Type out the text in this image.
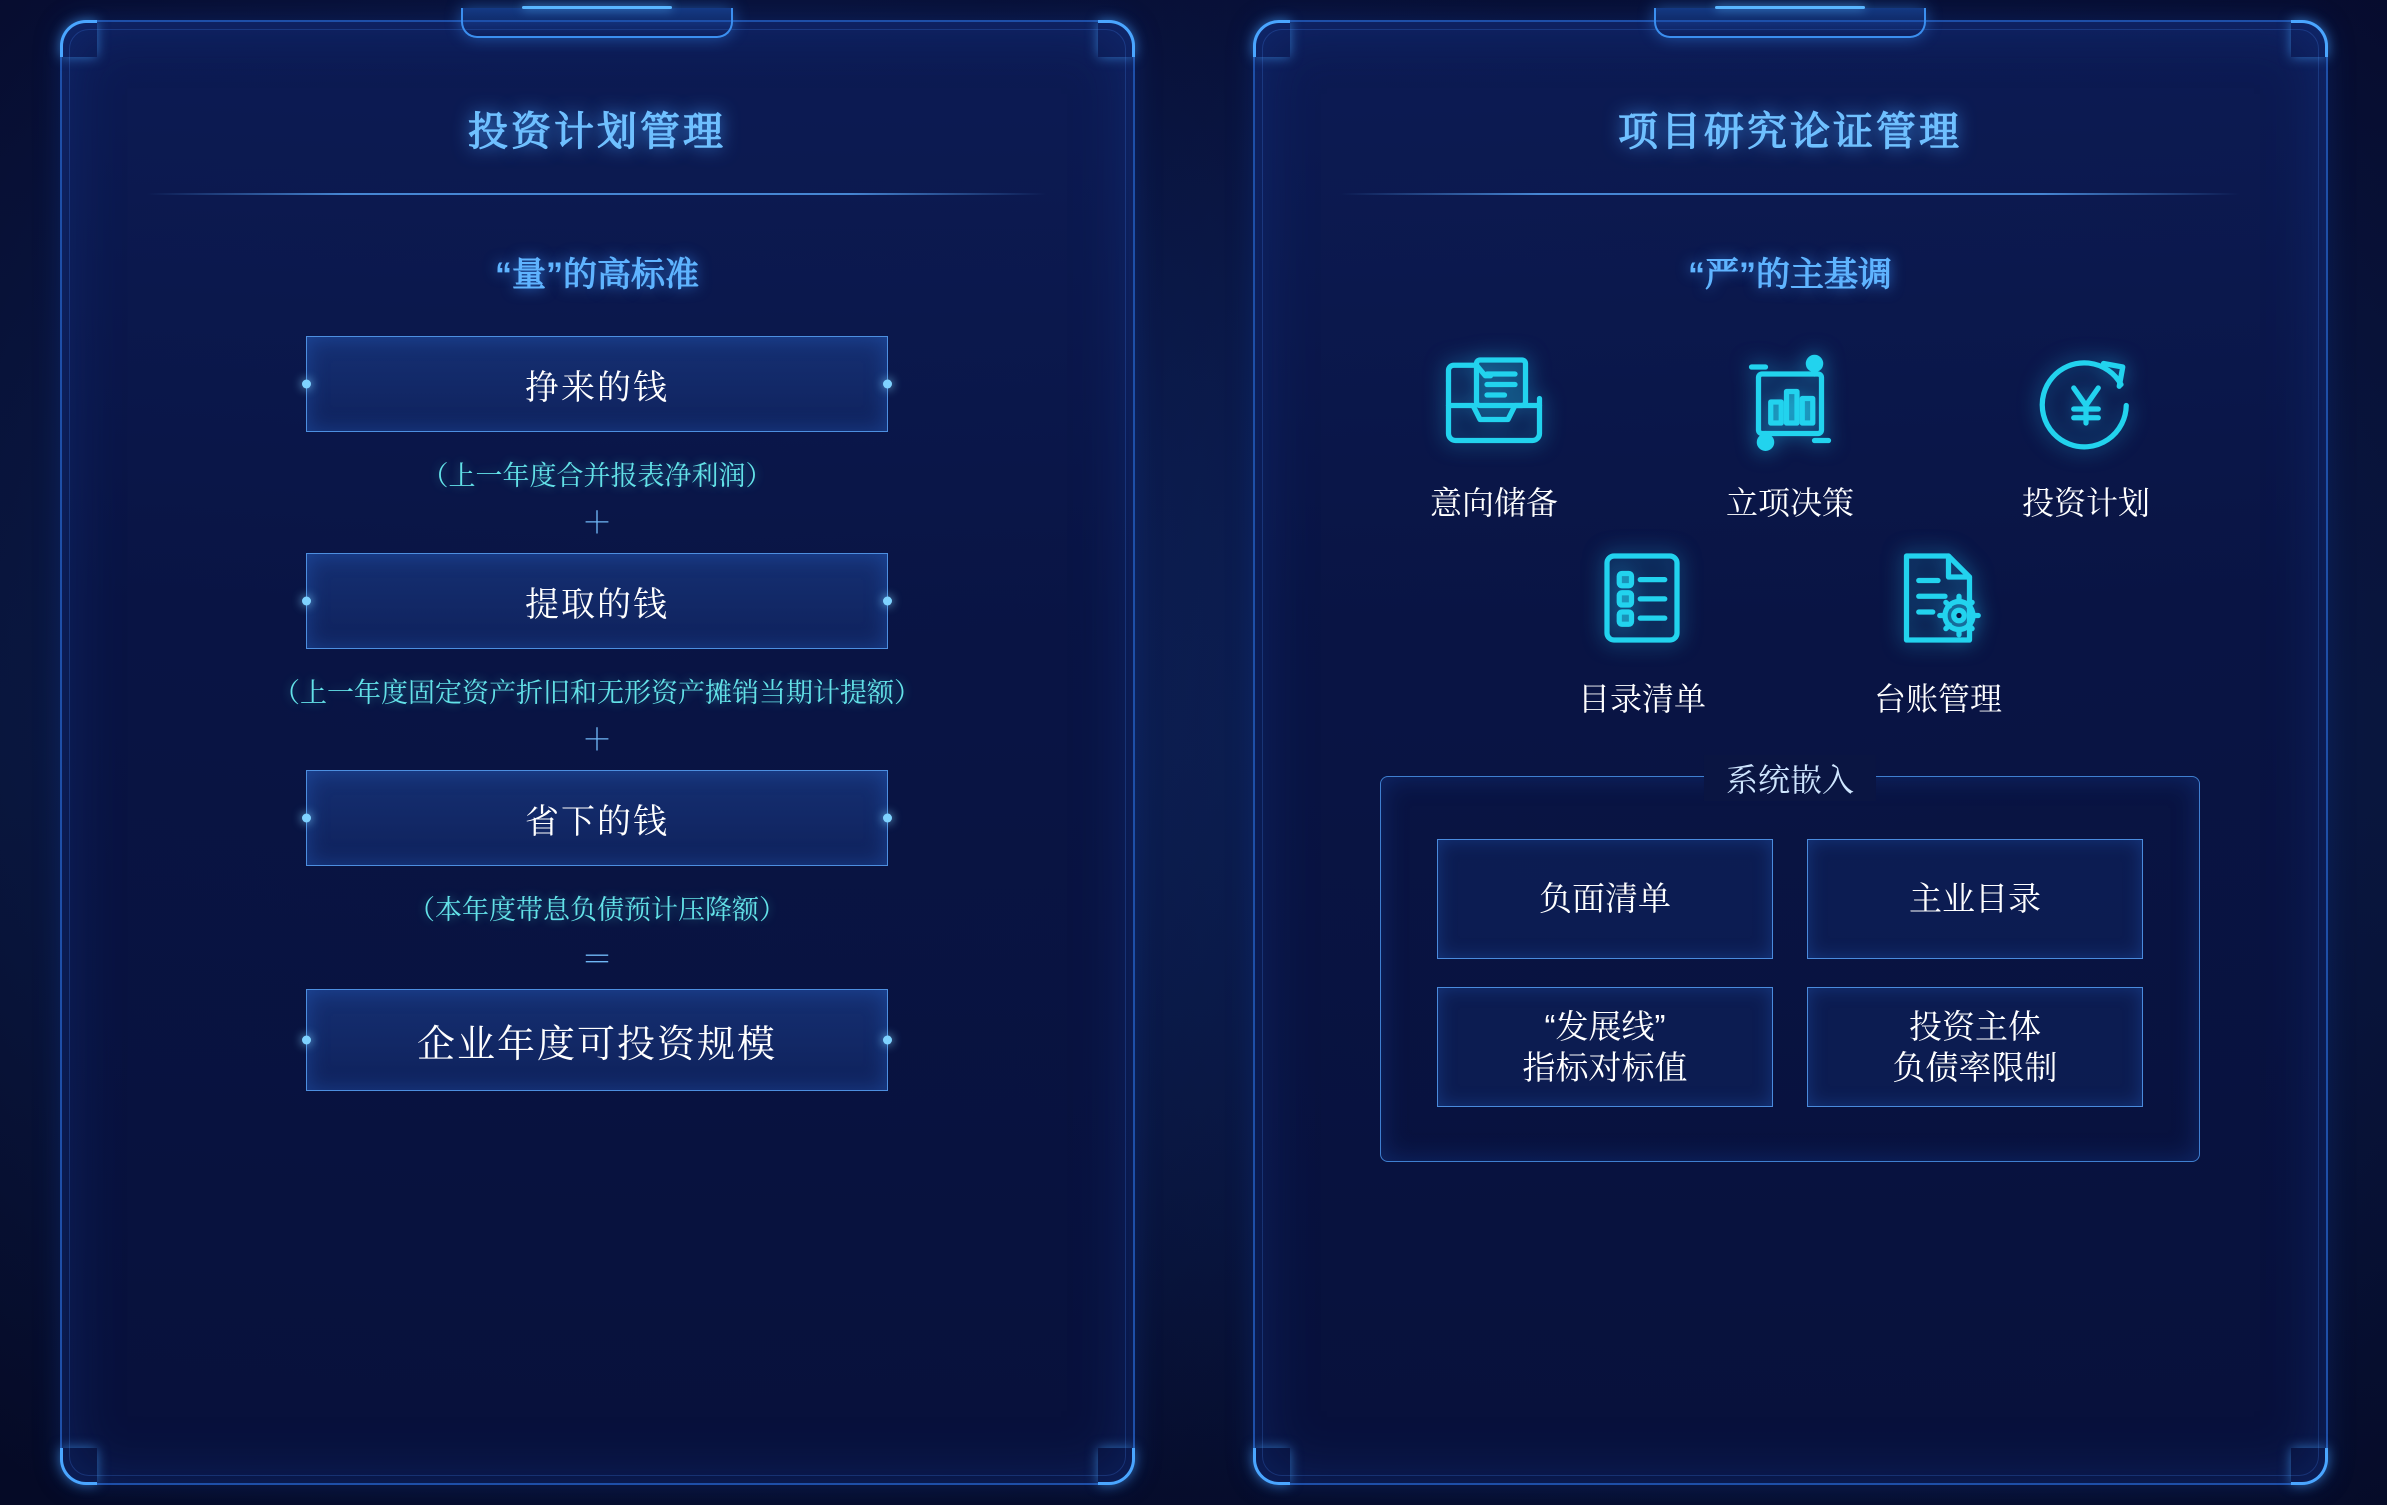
投资计划管理
“量”的高标准
挣来的钱
（上一年度合并报表净利润）
＋
提取的钱
（上一年度固定资产折旧和无形资产摊销当期计提额）
＋
省下的钱
（本年度带息负债预计压降额）
＝
企业年度可投资规模
项目研究论证管理
“严”的主基调
意向储备	立项决策	投资计划
目录清单	台账管理
系统嵌入
负面清单	主业目录
“发展线”
指标对标值
投资主体
负债率限制
